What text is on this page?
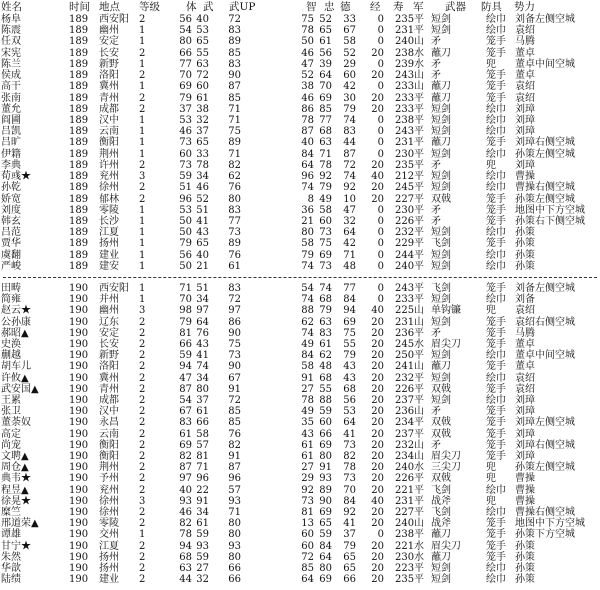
姓名	时间 地点 等级 体 武 武UP	智 忠 德 经 寿 军 武器 防具 势力
杨阜	189	西安阳	2	56 40	72	75 52 33	0 235 平 短剑	绘巾 刘备左侧空城
陈震	189	幽州	1	54 53	83	78 65 67	0 231 平 短剑	绘巾 袁绍
任双	189	安定	1	80 65	89	50 61 58	0 240 山 矛	笼手 马腾
宋宪	189	长安	2	66 55	85	46 56 52 20 238 水 蘸刀	笼手 董卓
陈兰	189	新野	1	77 63	83	47 39 29	0 239 水 矛	兜	董卓中间空城
侯成	189	洛阳	2	70 72	90	52 64 60 20 243 山 矛	笼手 董卓
高干	189	冀州	1	69 60	87	38 70 42	0 233 山 蘸刀	笼手 袁绍
张南	189	青州	2	79 61	85	46 69 30 20 233 平 蘸刀	笼手 袁绍
董允	189	成都	2	37 38	71	86 85 79 20 233 平 短剑	绘巾 刘璋
阎圃	189	汉中	1	53 32	71	78 77 74	0 238 平 短剑	绘巾 刘璋
吕凯	189	云南	1	46 37	75	87 68 83	0 243 平 短剑	绘巾 刘璋
吕旷	189	衡阳	1	73 65	89	40 63 44	0 231 平 蘸刀	笼手 刘璋右侧空城
伊籍	189	荆州	1	60 33	71	84 71 87	0 230 平 短剑	绘巾 孙策左侧空城
李典	189	许州	2	73 78	82	64 78 72 20 235 平 矛	兜	刘璋
荀彧★	189	兖州	3	59 34	62	96 92 74 40 212 平 短剑	绘巾 曹操
孙乾	189	徐州	2	51 46	76	74 79 92 20 245 平 短剑	绘巾 曹操右侧空城
娇宽	189	郁林	2	96 52	80	8 49 10 20 227 平 双戟	笼手 孙策左侧空城
刘度	189	零陵	1	53 51	83	36 58 47	0 230 平 矛	笼手 地图中下方空城
韩玄	189	长沙	1	50 41	77	21 60 32	0 226 平 矛	笼手 孙策右下侧空城
吕范	189	江夏	1	50 43	73	80 73 64	0 232 平 短剑	绘巾 孙策
贾华	189	扬州	1	79 65	89	58 75 42	0 229 平 飞剑	笼手 孙策
虞翻	189	建业	1	56 40	76	79 69 71	0 244 平 短剑	绘巾 孙策
严峻	189	建安	1	50 21	61	74 73 48	0 240 平 短剑	绘巾 孙策
田畴	190	西安阳	1	71 51	83	54 74 77	0 243 平 飞剑	笼手 刘备左侧空城
简雍	190	并州	1	70 34	72	74 68 84	0 233 平 短剑	绘巾 刘备
赵云★	190	幽州	3	98 97	97	88 79 94 40 225 山 单钩镰	兜	袁绍
公孙康	190	辽东	2	79 64	86	62 63 69 20 231 山 短剑	笼手 袁绍右侧空城
郝昭▲	190	安定	2	81 76	90	74 83 75 20 236 平 矛	笼手 马腾
史涣	190	长安	2	66 43	75	49 61 55 20 245 水 眉尖刀	笼手 董卓
蒯越	190	新野	2	59 41	73	84 62 79 20 250 平 短剑	绘巾 董卓中间空城
胡车儿	190	洛阳	2	94 74	90	58 48 43 20 241 山 蘸刀	笼手 董卓
许攸▲	190	冀州	2	47 34	67	91 68 43 20 232 平 短剑	绘巾 袁绍
武安国▲	190	青州	2	87 80	91	27 55 68 20 226 平 双戟	笼手 袁绍
王累	190	成都	2	54 37	72	78 88 56 20 237 平 短剑	绘巾 刘璋
张卫	190	汉中	2	67 61	85	49 59 53 20 236 山 矛	笼手 刘璋
董荼奴	190	永昌	2	83 66	85	35 60 64 20 234 平 双戟	笼手 刘璋左侧空城
高定	190	云南	2	61 58	76	43 66 41 20 237 平 双戟	笼手 刘璋
尚宠	190	衡阳	2	69 57	82	61 69 73 20 232 山 矛	笼手 刘璋右侧空城
文聘▲	190	衡阳	2	82 81	91	61 80 82 20 234 山 眉尖刀	笼手 刘璋
周仓▲	190	荆州	2	87 71	87	27 91 78 20 240 水 三尖刀	兜	孙策左侧空城
典韦★	190	予州	2	97 96	96	29 93 73 20 226 平 双戟	兜	曹操
程昱▲	190	兖州	2	40 22	57	92 89 70 20 221 平 飞剑	绘巾 曹操
徐晃★	190	徐州	3	93 91	93	73 90 84 40 231 平 战斧	兜	曹操
糜竺	190	徐州	2	46 34	71	81 69 92 20 227 平 飞剑	绘巾 曹操右侧空城
邢道荣▲	190	零陵	2	82 61	80	13 65 41 20 240 山 战斧	笼手 地图中下方空城
谭雄	190	交州	1	78 59	80	60 59 37	0 238 平 蘸刀	笼手 孙策下方空城
甘宁★	190	江夏	2	94 93	93	60 84 79 20 221 水 眉尖刀	笼手 孙策
朱然	190	扬州	2	68 59	80	72 64 65 20 230 水 蘸刀	笼手 孙策
华歆	190	扬州	2	63 27	66	85 80 65 20 223 平 短剑	绘巾 孙策
陆绩	190	建业	2	44 32	66	64 69 66 20 235 平 短剑	绘巾 孙策
